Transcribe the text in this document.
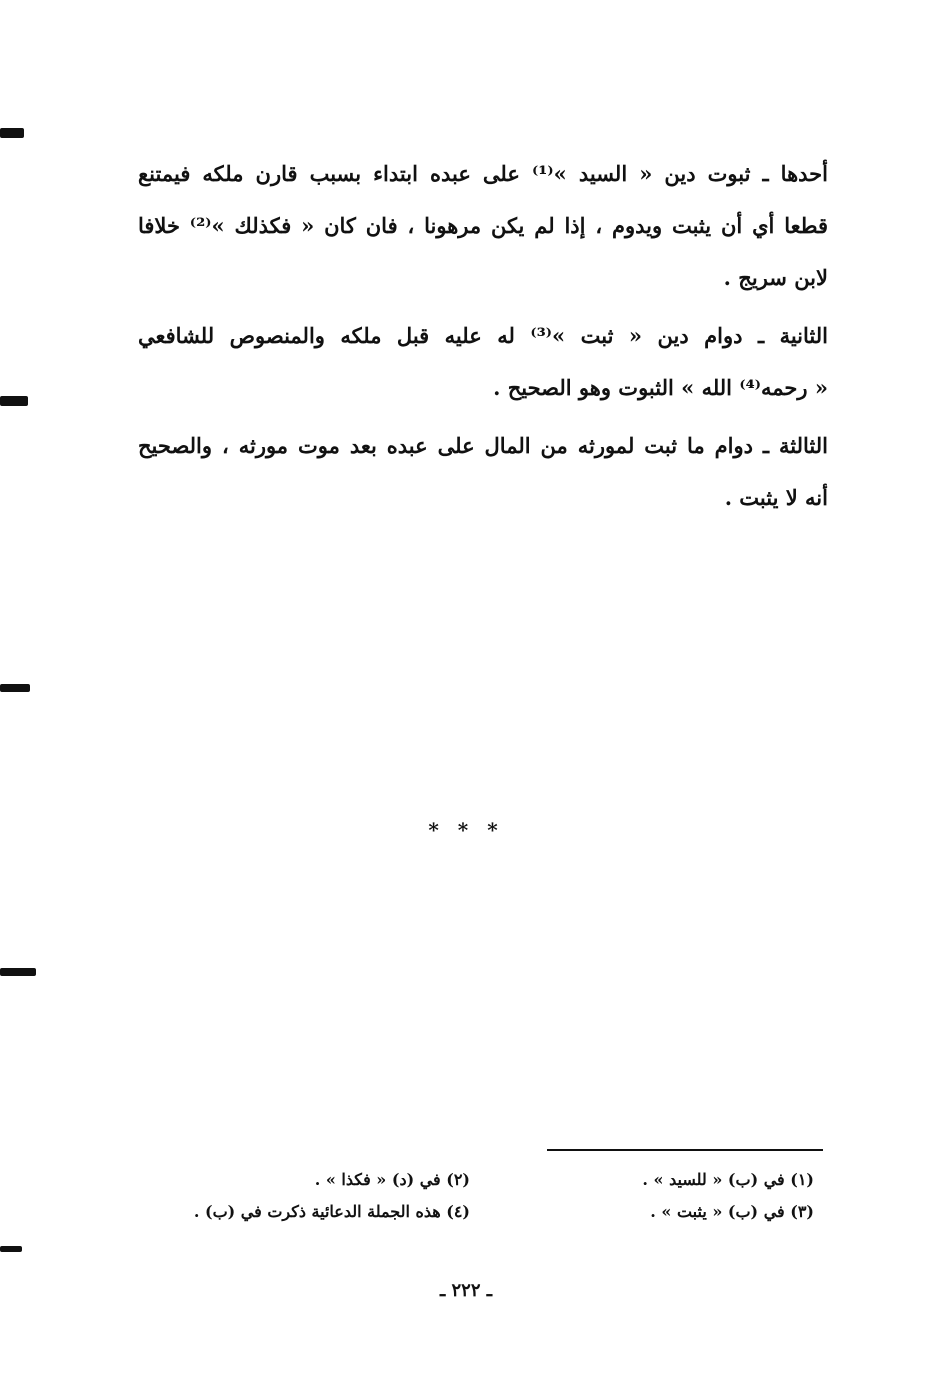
أحدها ـ ثبوت دين « السيد »⁽¹⁾ على عبده ابتداء بسبب قارن ملكه فيمتنع
قطعا أي أن يثبت ويدوم ، إذا لم يكن مرهونا ، فان كان « فكذلك »⁽²⁾ خلافا
لابن سريج .
الثانية ـ دوام دين « ثبت »⁽³⁾ له عليه قبل ملكه والمنصوص للشافعي
« رحمه⁽⁴⁾ الله » الثبوت وهو الصحيح .
الثالثة ـ دوام ما ثبت لمورثه من المال على عبده بعد موت مورثه ، والصحيح
أنه لا يثبت .
* * *
(١) في (ب) « للسيد » .
(٢) في (د) « فكذا » .
(٣) في (ب) « يثبت » .
(٤) هذه الجملة الدعائية ذكرت في (ب) .
ـ ٢٢٢ ـ
